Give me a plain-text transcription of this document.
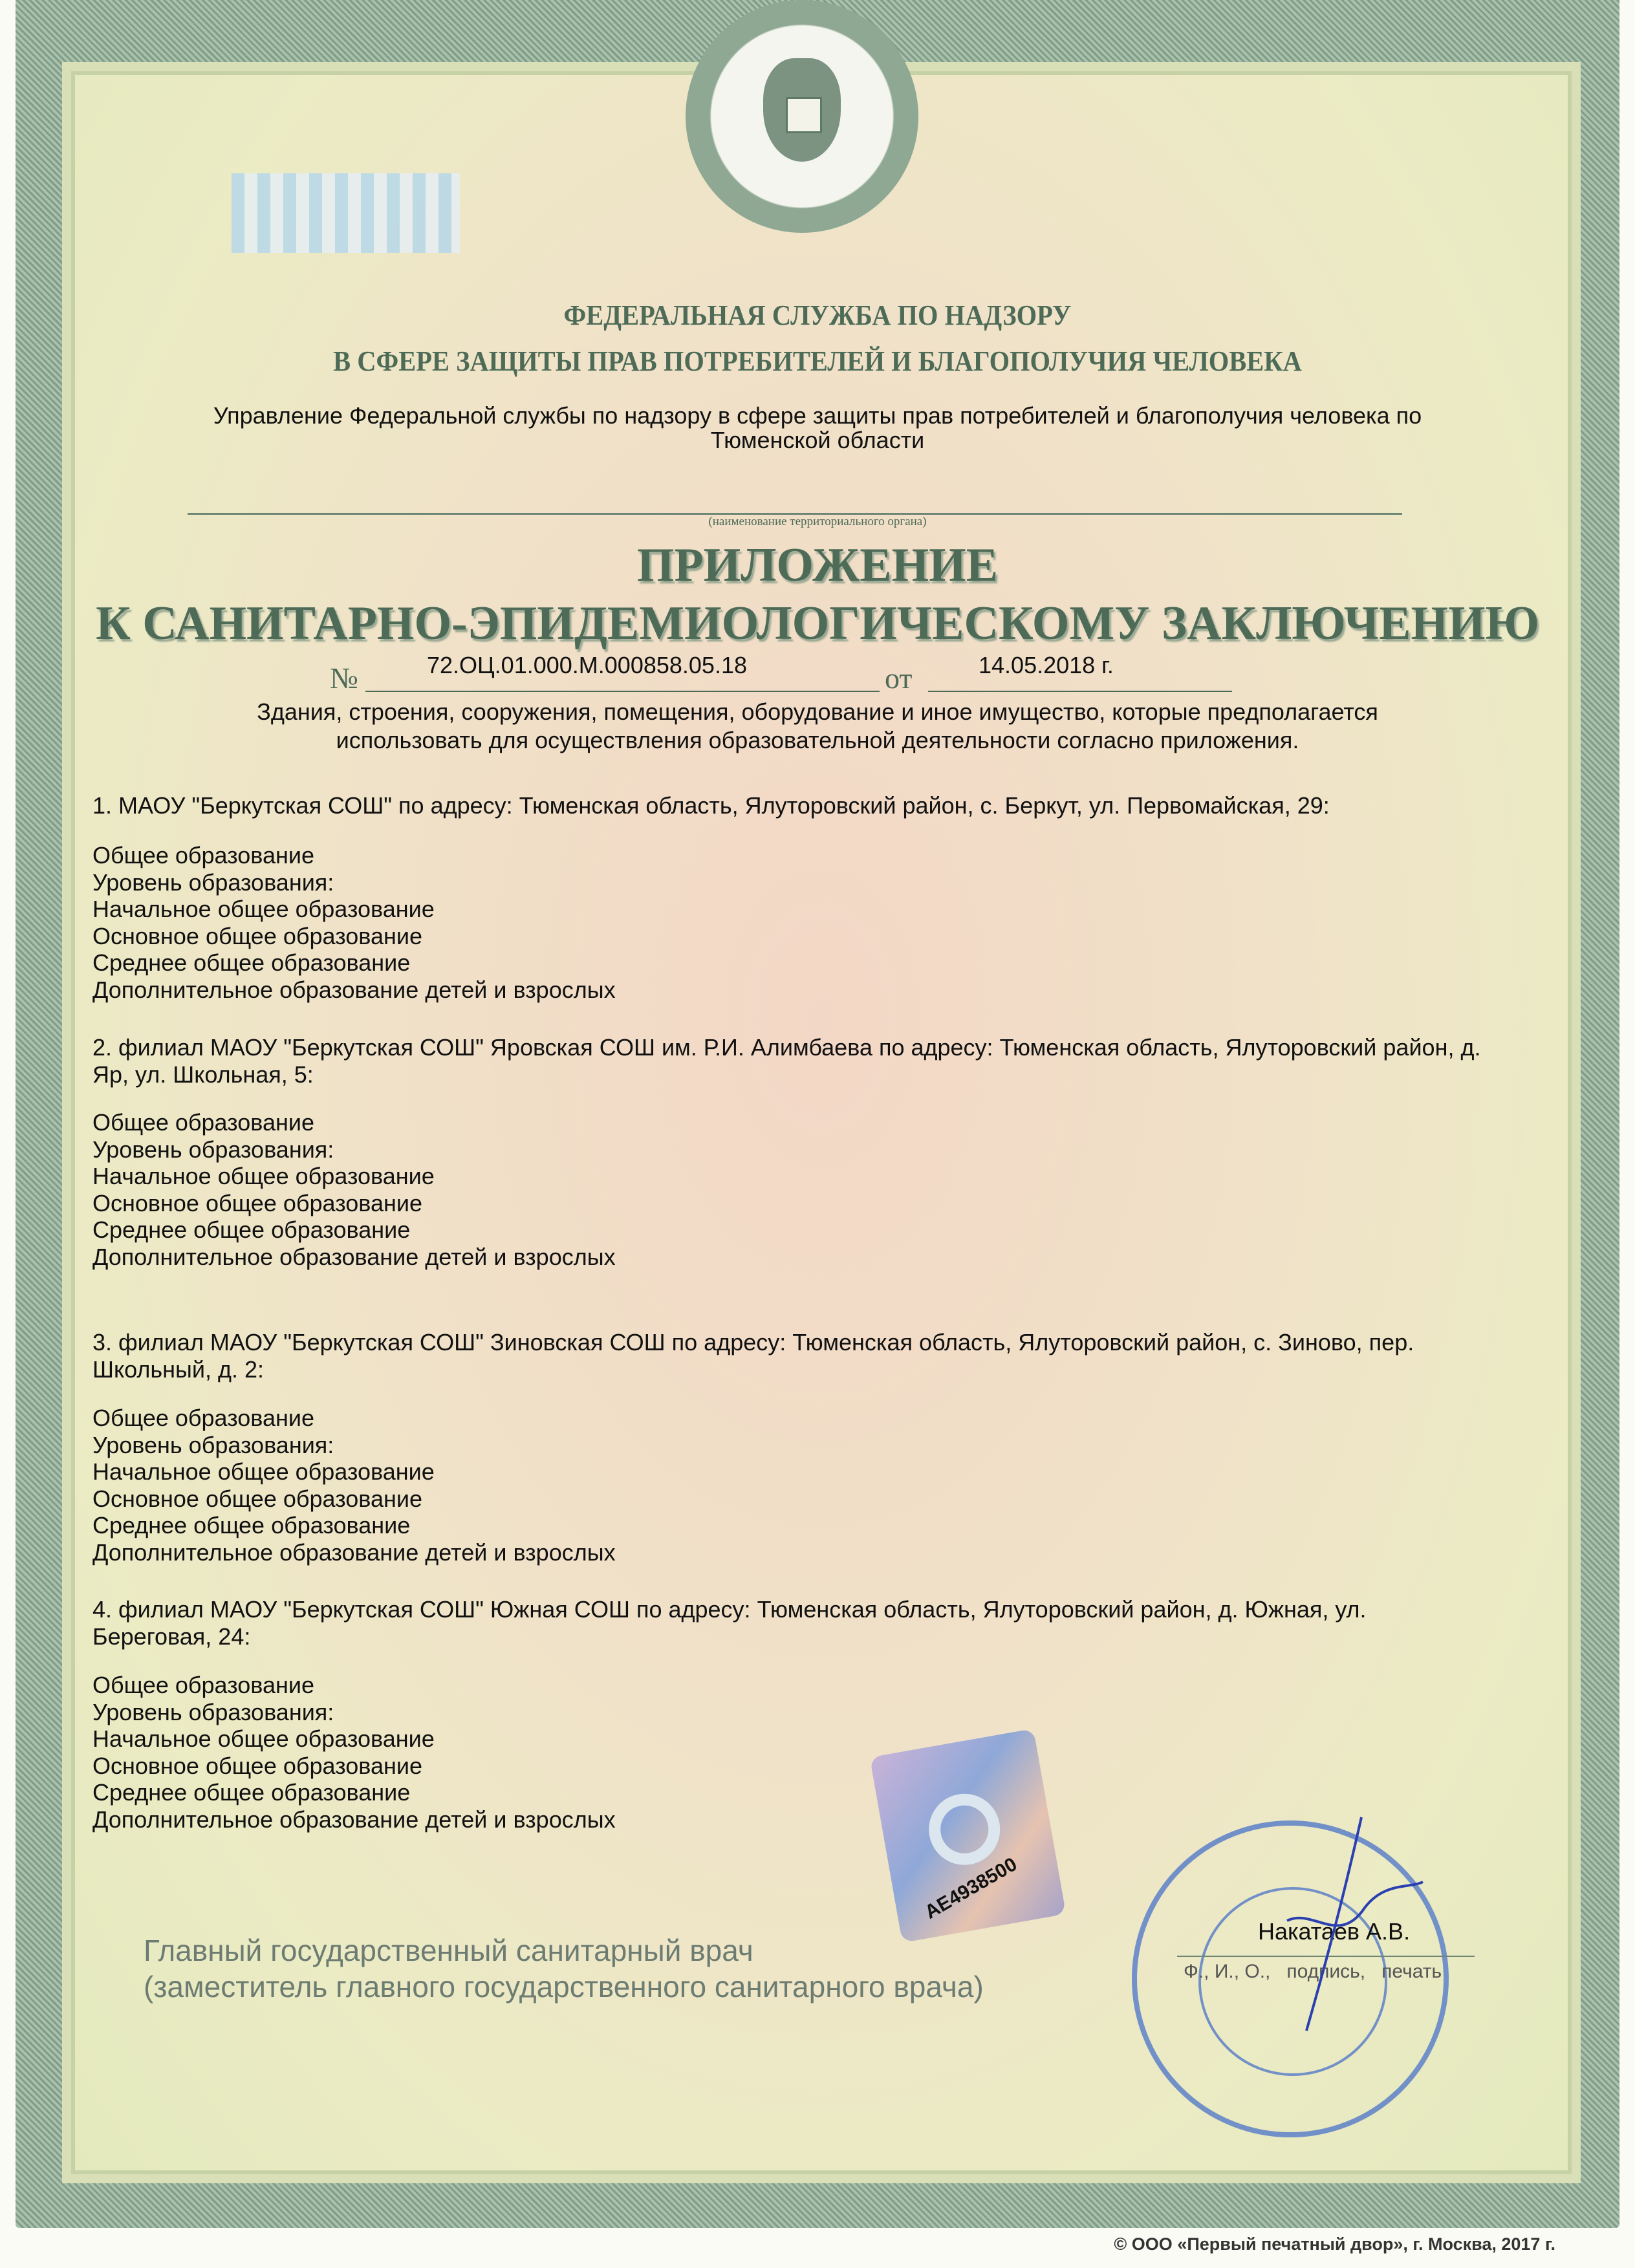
ФЕДЕРАЛЬНАЯ СЛУЖБА ПО НАДЗОРУ
В СФЕРЕ ЗАЩИТЫ ПРАВ ПОТРЕБИТЕЛЕЙ И БЛАГОПОЛУЧИЯ ЧЕЛОВЕКА
Управление Федеральной службы по надзору в сфере защиты прав потребителей и благополучия человека по
Тюменской области
(наименование территориального органа)
ПРИЛОЖЕНИЕ
К САНИТАРНО-ЭПИДЕМИОЛОГИЧЕСКОМУ ЗАКЛЮЧЕНИЮ
№	72.ОЦ.01.000.М.000858.05.18	от	14.05.2018 г.
Здания, строения, сооружения, помещения, оборудование и иное имущество, которые предполагается
использовать для осуществления образовательной деятельности согласно приложения.
1. МАОУ "Беркутская СОШ" по адресу: Тюменская область, Ялуторовский район, с. Беркут, ул. Первомайская, 29:
Общее образование
Уровень образования:
Начальное общее образование
Основное общее образование
Среднее общее образование
Дополнительное образование детей и взрослых
2. филиал МАОУ "Беркутская СОШ" Яровская СОШ им. Р.И. Алимбаева по адресу: Тюменская область, Ялуторовский район, д. Яр, ул. Школьная, 5:
Общее образование
Уровень образования:
Начальное общее образование
Основное общее образование
Среднее общее образование
Дополнительное образование детей и взрослых
3. филиал МАОУ "Беркутская СОШ" Зиновская СОШ по адресу: Тюменская область, Ялуторовский район, с. Зиново, пер. Школьный, д. 2:
Общее образование
Уровень образования:
Начальное общее образование
Основное общее образование
Среднее общее образование
Дополнительное образование детей и взрослых
4. филиал МАОУ "Беркутская СОШ" Южная СОШ по адресу: Тюменская область, Ялуторовский район, д. Южная, ул. Береговая, 24:
Общее образование
Уровень образования:
Начальное общее образование
Основное общее образование
Среднее общее образование
Дополнительное образование детей и взрослых
АЕ4938500
Главный государственный санитарный врач
(заместитель главного государственного санитарного врача)
Накатаев А.В.
Ф., И., О.,   подпись,   печать
© ООО «Первый печатный двор», г. Москва, 2017 г.
